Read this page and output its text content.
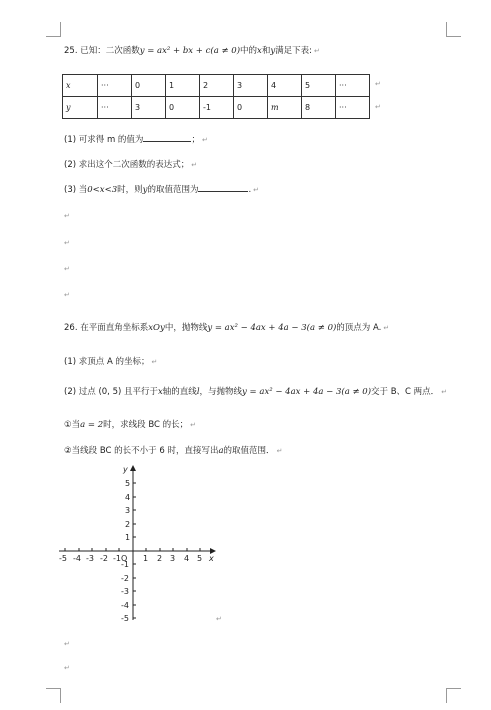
25. 已知：二次函数y = ax² + bx + c(a ≠ 0)中的x和y满足下表: ↵
x	···	0	1	2	3	4	5	···
y	···	3	0	-1	0	m	8	···
↵
↵
(1) 可求得 m 的值为	； ↵
(2) 求出这个二次函数的表达式； ↵
(3) 当0<x<3时，则y的取值范围为	. ↵
↵
↵
↵
↵
26. 在平面直角坐标系xOy中，抛物线y = ax² − 4ax + 4a − 3(a ≠ 0)的顶点为 A. ↵
(1) 求顶点 A 的坐标； ↵
(2) 过点 (0, 5) 且平行于x轴的直线l，与抛物线y = ax² − 4ax + 4a − 3(a ≠ 0)交于 B、C 两点． ↵
①当a = 2时，求线段 BC 的长； ↵
②当线段 BC 的长不小于 6 时，直接写出a的取值范围． ↵
y
x
-1O
-5 -4 -3 -2	1 2 3 4 5
5
4
3
2
1
-1
-2
-3
-4
-5	↵
↵
↵
